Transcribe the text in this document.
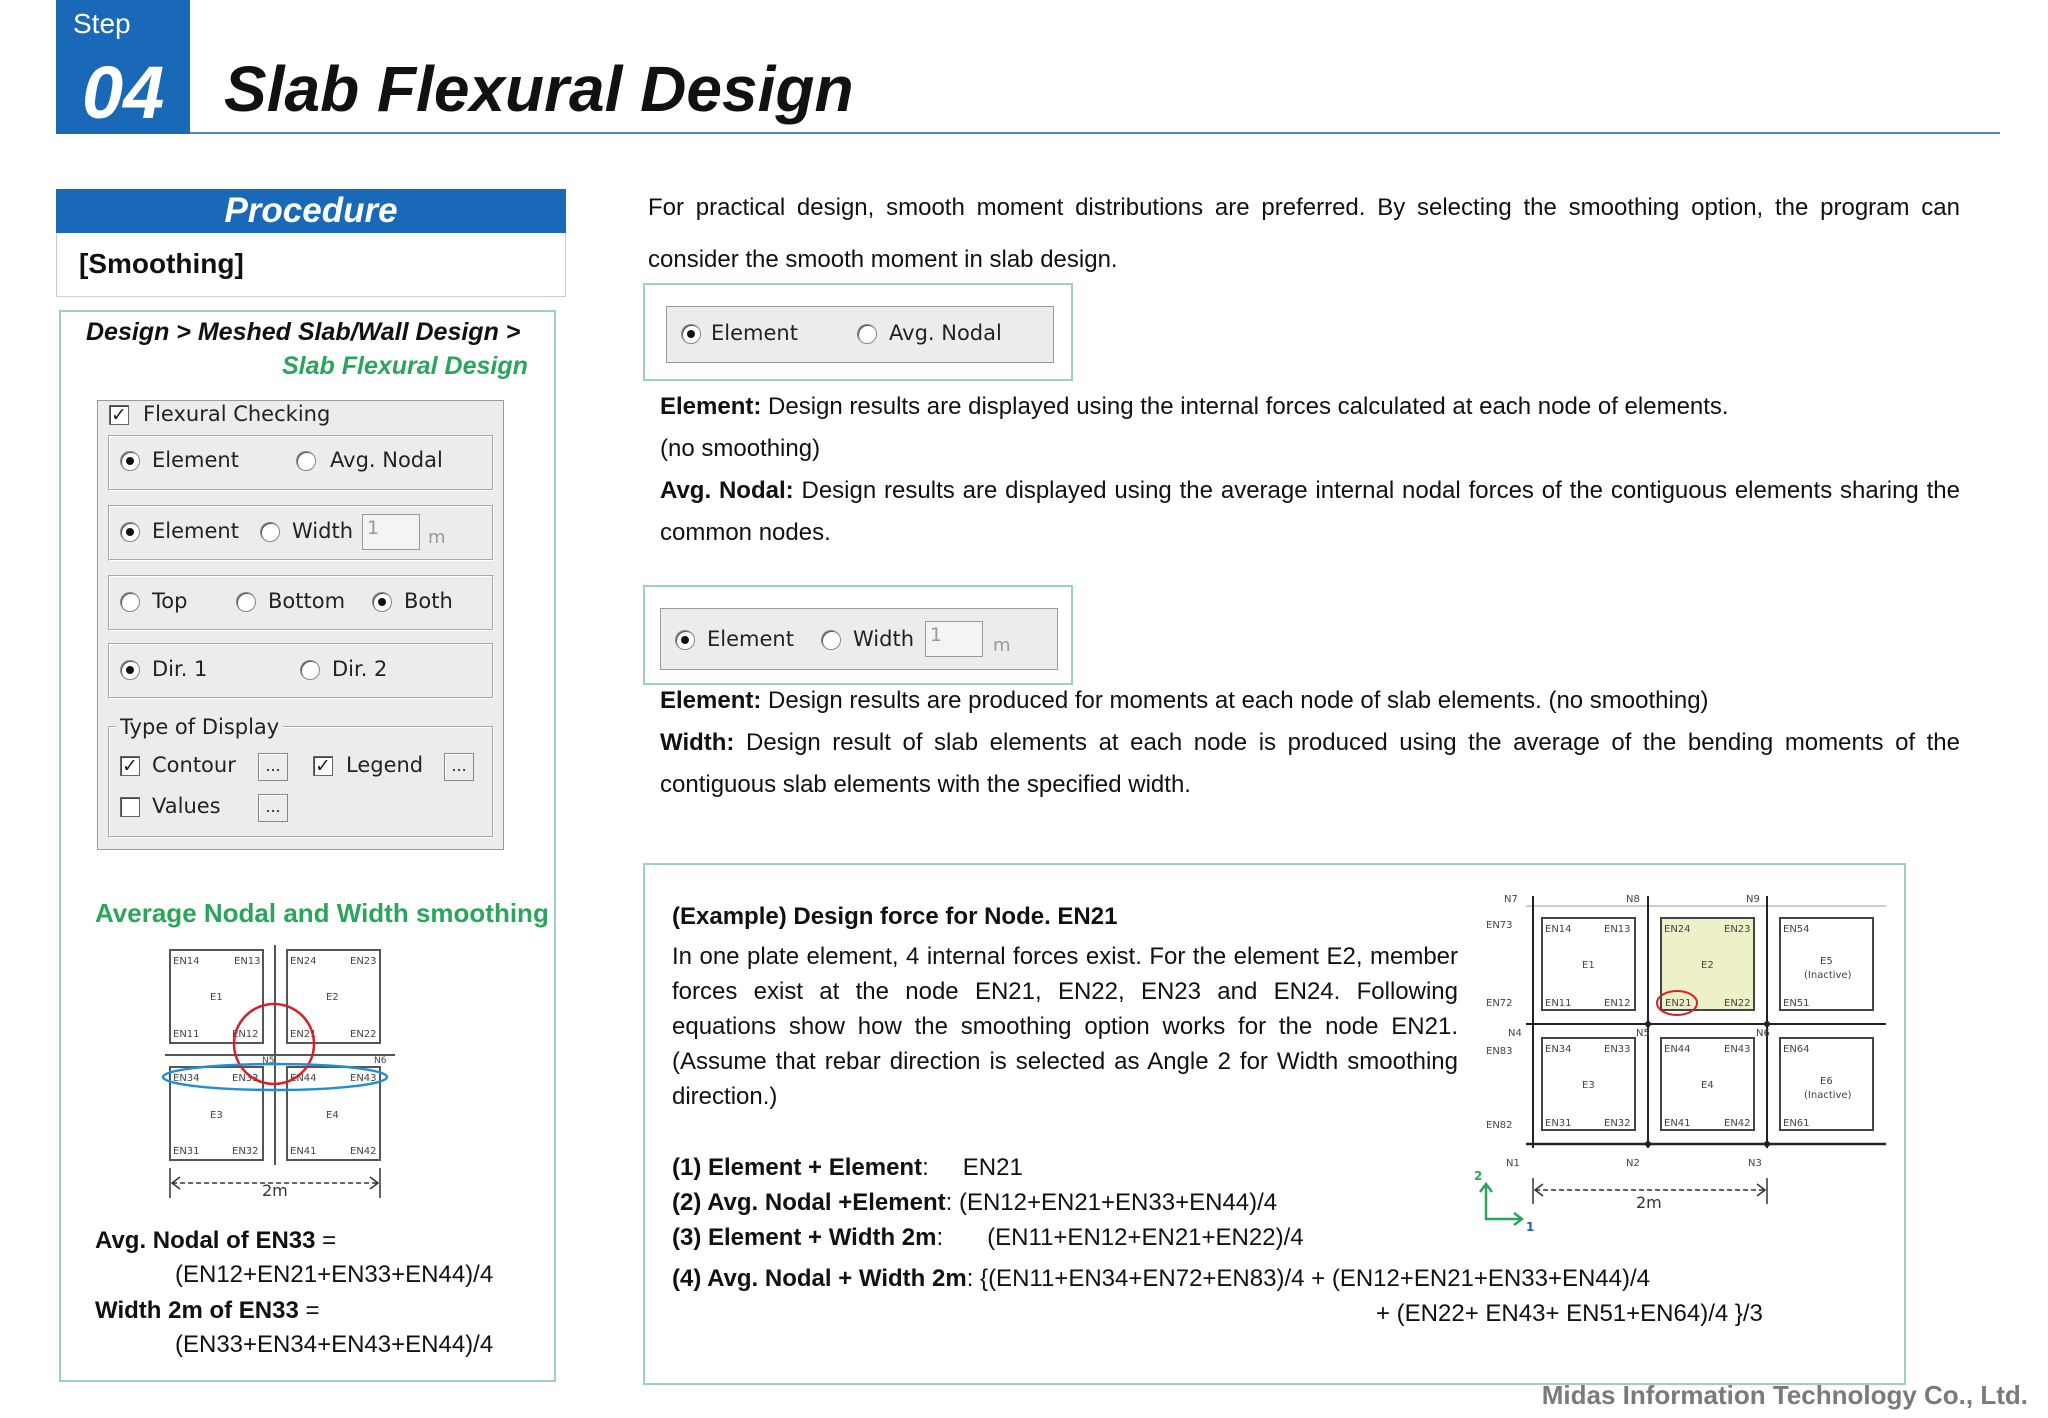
Step
04 Slab Flexural Design
Procedure
[Smoothing]
Design > Meshed Slab/Wall Design >
Slab Flexural Design
✓ Flexural Checking
Element	Avg. Nodal
Element	Width 1	m
Top	Bottom	Both
Dir. 1	Dir. 2
Type of Display
✓ Contour	...	✓ Legend	...
Values	...
Average Nodal and Width smoothing
EN14	EN13
E1
EN11	EN12
EN24	EN23
E2
EN21	EN22
EN34	EN33
E3
EN31	EN32
EN44	EN43
E4
EN41	EN42
N5	N6
2m
Avg. Nodal of EN33 =
(EN12+EN21+EN33+EN44)/4
Width 2m of EN33 =
(EN33+EN34+EN43+EN44)/4
For practical design, smooth moment distributions are preferred. By selecting the smoothing option, the program can consider the smooth moment in slab design.
Element	Avg. Nodal
Element: Design results are displayed using the internal forces calculated at each node of elements.
(no smoothing)
Avg. Nodal: Design results are displayed using the average internal nodal forces of the contiguous elements sharing the common nodes.
Element	Width 1	m
Element: Design results are produced for moments at each node of slab elements. (no smoothing)
Width: Design result of slab elements at each node is produced using the average of the bending moments of the contiguous slab elements with the specified width.
(Example) Design force for Node. EN21
In one plate element, 4 internal forces exist. For the element E2, member forces exist at the node EN21, EN22, EN23 and EN24. Following equations show how the smoothing option works for the node EN21. (Assume that rebar direction is selected as Angle 2 for Width smoothing direction.)
(1) Element + Element: EN21
(2) Avg. Nodal +Element: (EN12+EN21+EN33+EN44)/4
(3) Element + Width 2m: (EN11+EN12+EN21+EN22)/4
(4) Avg. Nodal + Width 2m: {(EN11+EN34+EN72+EN83)/4 + (EN12+EN21+EN33+EN44)/4
+ (EN22+ EN43+ EN51+EN64)/4 }/3
N7	N8	N9
N1	N2	N3
N4	N5	N6
EN73
EN72
EN83
EN82
EN14	EN13
E1
EN11	EN12
EN24	EN23
E2
EN21	EN22
EN54
E5
(Inactive)
EN51
EN34	EN33
E3
EN31	EN32
EN44	EN43
E4
EN41	EN42
EN64
E6
(Inactive)
EN61
2m
1
2
Midas Information Technology Co., Ltd.
